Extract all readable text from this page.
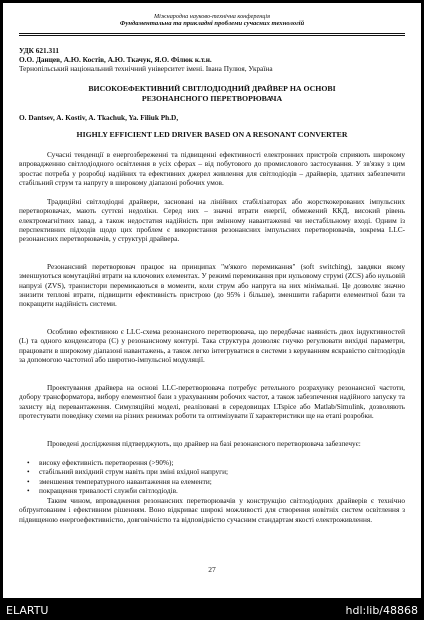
Міжнародна науково-технічна конференція
Фундаментальна та прикладні проблеми сучасних технологій
УДК 621.311
О.О. Данцев, А.Ю. Костів, А.Ю. Ткачук, Я.О. Філюк к.т.н.
Тернопільський національний технічний університет імені. Івана Пулюя, Україна
ВИСОКОЕФЕКТИВНИЙ СВІТЛОДІОДНИЙ ДРАЙВЕР НА ОСНОВІ
РЕЗОНАНСНОГО ПЕРЕТВОРЮВАЧА
O. Dantsev, A. Kostiv, A. Tkachuk, Ya. Filiuk Ph.D,
HIGHLY EFFICIENT LED DRIVER BASED ON A RESONANT CONVERTER
Сучасні тенденції в енергозбереженні та підвищенні ефективності електронних пристроїв сприяють широкому впровадженню світлодіодного освітлення в усіх сферах – від побутового до промислового застосування. У зв'язку з цим зростає потреба у розробці надійних та ефективних джерел живлення для світлодіодів – драйверів, здатних забезпечити стабільний струм та напругу в широкому діапазоні робочих умов.
Традиційні світлодіодні драйвери, засновані на лінійних стабілізаторах або жорсткокерованих імпульсних перетворювачах, мають суттєві недоліки. Серед них – значні втрати енергії, обмежений ККД, високий рівень електромагнітних завад, а також недостатня надійність при змінному навантаженні чи нестабільному вході. Одним із перспективних підходів щодо цих проблем є використання резонансних імпульсних перетворювачів, зокрема LLC-резонансних перетворювачів, у структурі драйвера.
Резонансний перетворювач працює на принципах "м'якого перемикання" (soft switching), завдяки якому зменшуються комутаційні втрати на ключових елементах. У режимі перемикання при нульовому струмі (ZCS) або нульовій напрузі (ZVS), транзистори перемикаються в моменти, коли струм або напруга на них мінімальні. Це дозволяє значно знизити теплові втрати, підвищити ефективність пристрою (до 95% і більше), зменшити габарити елементної бази та покращити надійність системи.
Особливо ефективною є LLC-схема резонансного перетворювача, що передбачає наявність двох індуктивностей (L) та одного конденсатора (C) у резонансному контурі. Така структура дозволяє гнучко регулювати вихідні параметри, працювати в широкому діапазоні навантажень, а також легко інтегруватися в системи з керуванням яскравістю світлодіодів за допомогою частотної або широтно-імпульсної модуляції.
Проектування драйвера на основі LLC-перетворювача потребує ретельного розрахунку резонансної частоти, добору трансформатора, вибору елементної бази з урахуванням робочих частот, а також забезпечення надійного запуску та захисту від перевантаження. Симуляційні моделі, реалізовані в середовищах LTspice або Matlab/Simulink, дозволяють протестувати поведінку схеми на різних режимах роботи та оптимізувати її характеристики ще на етапі розробки.
Проведені дослідження підтверджують, що драйвер на базі резонансного перетворювача забезпечує:
• високу ефективність перетворення (>90%);
• стабільний вихідний струм навіть при зміні вхідної напруги;
• зменшення температурного навантаження на елементи;
• покращення тривалості служби світлодіодів.
Таким чином, впровадження резонансних перетворювачів у конструкцію світлодіодних драйверів є технічно обґрунтованим і ефективним рішенням. Воно відкриває широкі можливості для створення новітніх систем освітлення з підвищеною енергоефективністю, довговічністю та відповідністю сучасним стандартам якості електроживлення.
27
ELARTU	hdl:lib/48868
